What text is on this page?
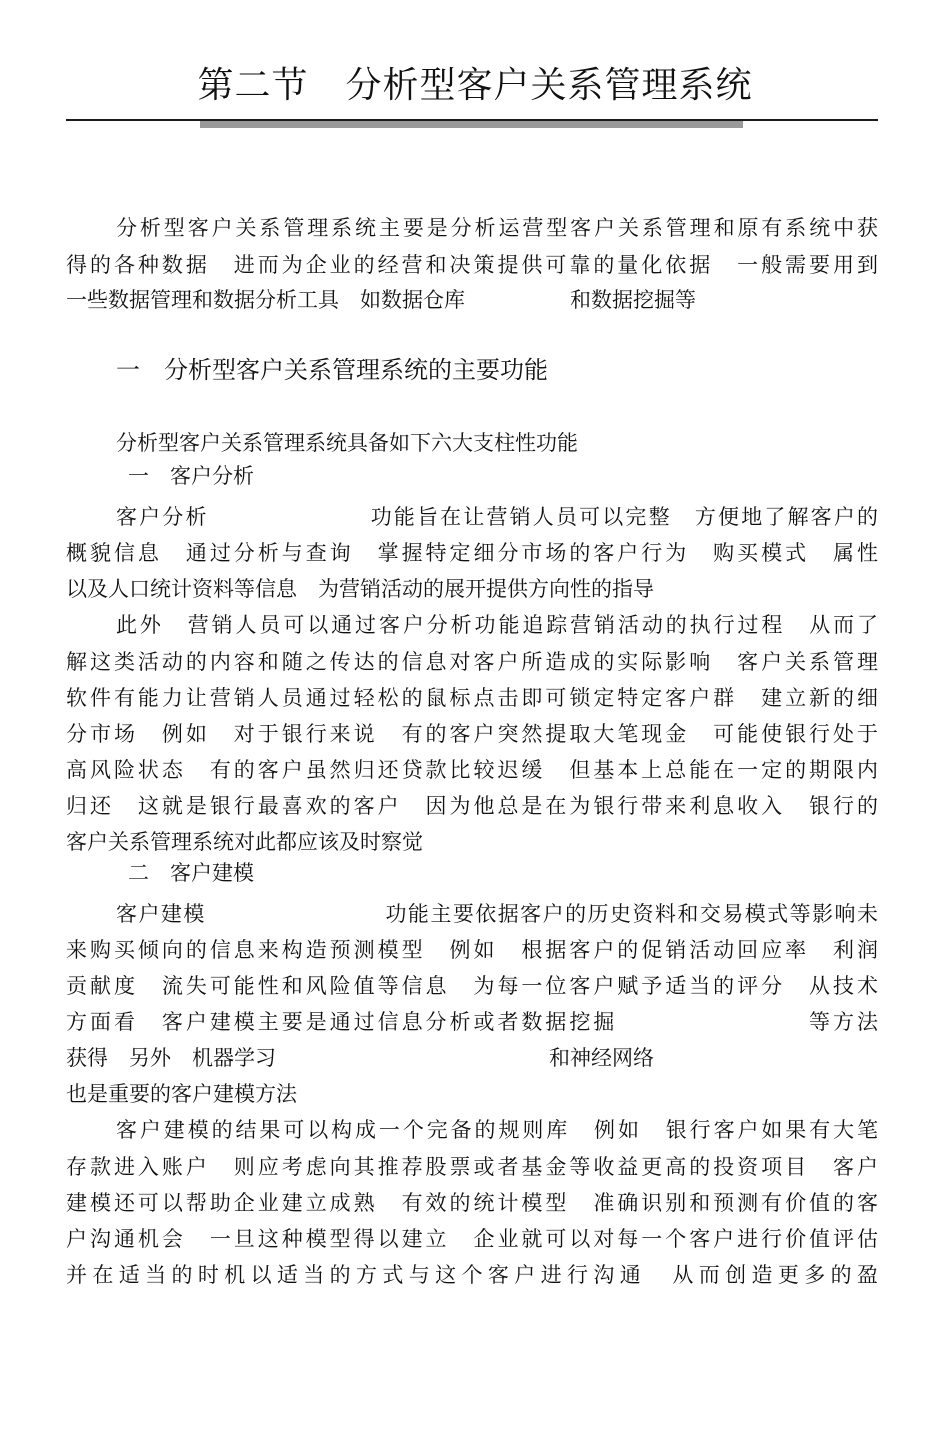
第二节　分析型客户关系管理系统
分析型客户关系管理系统主要是分析运营型客户关系管理和原有系统中获
得的各种数据　进而为企业的经营和决策提供可靠的量化依据　一般需要用到
一些数据管理和数据分析工具　如数据仓库　　　　　和数据挖掘等
一　分析型客户关系管理系统的主要功能
分析型客户关系管理系统具备如下六大支柱性功能
一　客户分析
客户分析　　　　　　　功能旨在让营销人员可以完整　方便地了解客户的
概貌信息　通过分析与查询　掌握特定细分市场的客户行为　购买模式　属性
以及人口统计资料等信息　为营销活动的展开提供方向性的指导
此外　营销人员可以通过客户分析功能追踪营销活动的执行过程　从而了
解这类活动的内容和随之传达的信息对客户所造成的实际影响　客户关系管理
软件有能力让营销人员通过轻松的鼠标点击即可锁定特定客户群　建立新的细
分市场　例如　对于银行来说　有的客户突然提取大笔现金　可能使银行处于
高风险状态　有的客户虽然归还贷款比较迟缓　但基本上总能在一定的期限内
归还　这就是银行最喜欢的客户　因为他总是在为银行带来利息收入　银行的
客户关系管理系统对此都应该及时察觉
二　客户建模
客户建模　　　　　　　　功能主要依据客户的历史资料和交易模式等影响未
来购买倾向的信息来构造预测模型　例如　根据客户的促销活动回应率　利润
贡献度　流失可能性和风险值等信息　为每一位客户赋予适当的评分　从技术
方面看　客户建模主要是通过信息分析或者数据挖掘　　　　　　　　等方法
获得　另外　机器学习　　　　　　　　　　　　　和神经网络
也是重要的客户建模方法
客户建模的结果可以构成一个完备的规则库　例如　银行客户如果有大笔
存款进入账户　则应考虑向其推荐股票或者基金等收益更高的投资项目　客户
建模还可以帮助企业建立成熟　有效的统计模型　准确识别和预测有价值的客
户沟通机会　一旦这种模型得以建立　企业就可以对每一个客户进行价值评估
并在适当的时机以适当的方式与这个客户进行沟通　从而创造更多的盈
